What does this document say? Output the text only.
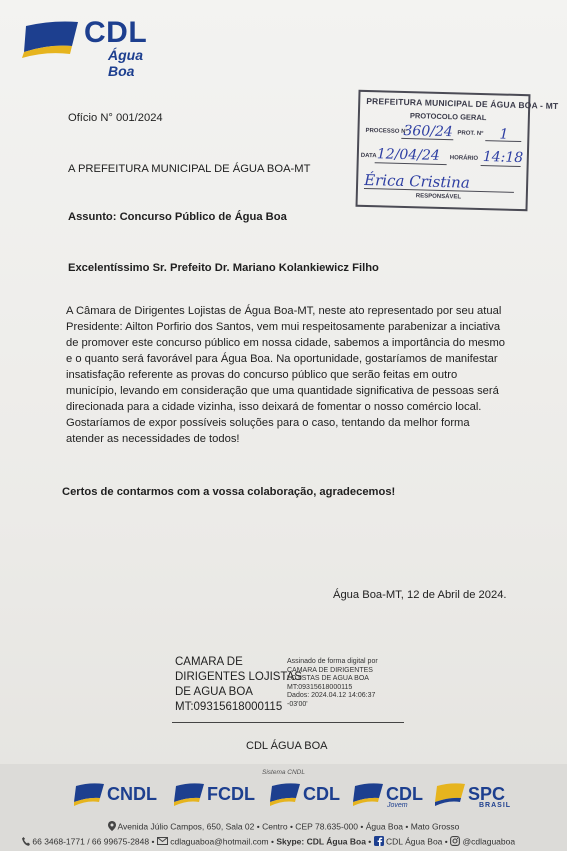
CDL
Água Boa
Ofício N° 001/2024
A PREFEITURA MUNICIPAL DE ÁGUA BOA-MT
Assunto: Concurso Público de Água Boa
Excelentíssimo Sr. Prefeito Dr. Mariano Kolankiewicz Filho
PREFEITURA MUNICIPAL DE ÁGUA BOA - MT
PROTOCOLO GERAL
PROCESSO Nº
360/24 PROT. Nº 1
DATA 12/04/24 HORÁRIO 14:18
Érica Cristina
RESPONSÁVEL
A Câmara de Dirigentes Lojistas de Água Boa-MT, neste ato representado por seu atual
Presidente: Ailton Porfirio dos Santos, vem mui respeitosamente parabenizar a inciativa
de promover este concurso público em nossa cidade, sabemos a importância do mesmo
e o quanto será favorável para Água Boa. Na oportunidade, gostaríamos de manifestar
insatisfação referente as provas do concurso público que serão feitas em outro
município, levando em consideração que uma quantidade significativa de pessoas será
direcionada para a cidade vizinha, isso deixará de fomentar o nosso comércio local.
Gostaríamos de expor possíveis soluções para o caso, tentando da melhor forma
atender as necessidades de todos!
Certos de contarmos com a vossa colaboração, agradecemos!
Água Boa-MT, 12 de Abril de 2024.
CAMARA DE
DIRIGENTES LOJISTAS
DE AGUA BOA
MT:09315618000115
Assinado de forma digital por
CAMARA DE DIRIGENTES
LOJISTAS DE AGUA BOA
MT:09315618000115
Dados: 2024.04.12 14:06:37
-03'00'
CDL ÁGUA BOA
Sistema CNDL
CNDL	FCDL	CDL	CDL
Jovem
SPC
BRASIL
Avenida Júlio Campos, 650, Sala 02 • Centro • CEP 78.635-000 • Água Boa • Mato Grosso
66 3468-1771 / 66 99675-2848 • cdlaguaboa@hotmail.com • Skype: CDL Água Boa • CDL Água Boa • @cdlaguaboa
